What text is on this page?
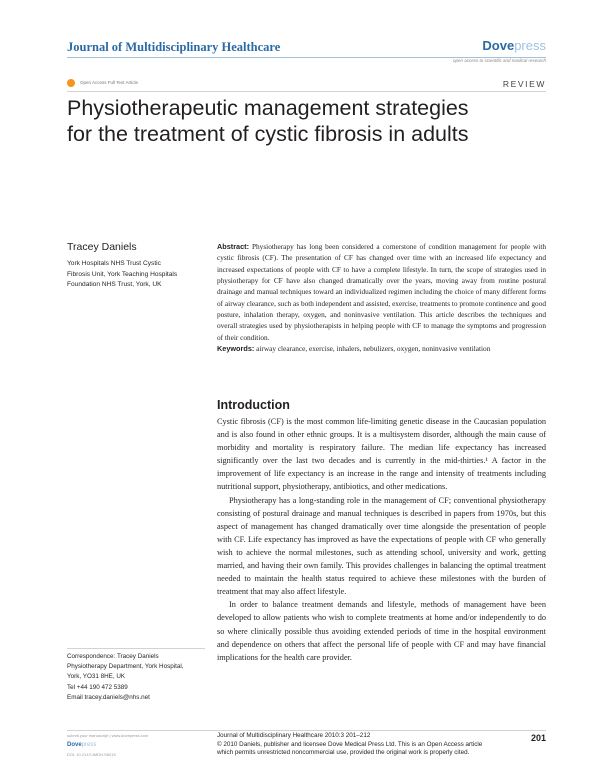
Journal of Multidisciplinary Healthcare	Dovepress
open access to scientific and medical research
Open Access Full Text Article	REVIEW
Physiotherapeutic management strategies
for the treatment of cystic fibrosis in adults
Tracey Daniels
York Hospitals NHS Trust Cystic
Fibrosis Unit, York Teaching Hospitals
Foundation NHS Trust, York, UK

Abstract: Physiotherapy has long been considered a cornerstone of condition management for people with cystic fibrosis (CF). The presentation of CF has changed over time with an increased life expectancy and increased expectations of people with CF to have a complete lifestyle. In turn, the scope of strategies used in physiotherapy for CF have also changed dramatically over the years, moving away from routine postural drainage and manual techniques toward an individualized regimen including the choice of many different forms of airway clearance, such as both independent and assisted, exercise, treatments to promote continence and good posture, inhalation therapy, oxygen, and noninvasive ventilation. This article describes the techniques and overall strategies used by physiotherapists in helping people with CF to manage the symptoms and progression of their condition.

Keywords: airway clearance, exercise, inhalers, nebulizers, oxygen, noninvasive ventilation

Introduction

Cystic fibrosis (CF) is the most common life-limiting genetic disease in the Caucasian population and is also found in other ethnic groups. It is a multisystem disorder, although the main cause of morbidity and mortality is respiratory failure. The median life expectancy has increased significantly over the last two decades and is currently in the mid-thirties.¹ A factor in the improvement of life expectancy is an increase in the range and intensity of treatments including nutritional support, physiotherapy, antibiotics, and other medications.

Physiotherapy has a long-standing role in the management of CF; conventional physiotherapy consisting of postural drainage and manual techniques is described in papers from 1970s, but this aspect of management has changed dramatically over time alongside the presentation of people with CF. Life expectancy has improved as have the expectations of people with CF who generally wish to achieve the normal milestones, such as attending school, university and work, getting married, and having their own family. This provides challenges in balancing the optimal treatment needed to maintain the health status required to achieve these milestones with the burden of treatment that may also affect lifestyle.

In order to balance treatment demands and lifestyle, methods of management have been developed to allow patients who wish to complete treatments at home and/or independently to do so where clinically possible thus avoiding extended periods of time in the hospital environment and dependence on others that affect the personal life of people with CF and may have financial implications for the health care provider.

Correspondence: Tracey Daniels
Physiotherapy Department, York Hospital,
York, YO31 8HE, UK
Tel +44 190 472 5389
Email tracey.daniels@nhs.net
submit your manuscript | www.dovepress.com
Dovepress
DOI: 10.2147/JMDH.S6015
Journal of Multidisciplinary Healthcare 2010:3 201–212
© 2010 Daniels, publisher and licensee Dove Medical Press Ltd. This is an Open Access article
which permits unrestricted noncommercial use, provided the original work is properly cited.
201
